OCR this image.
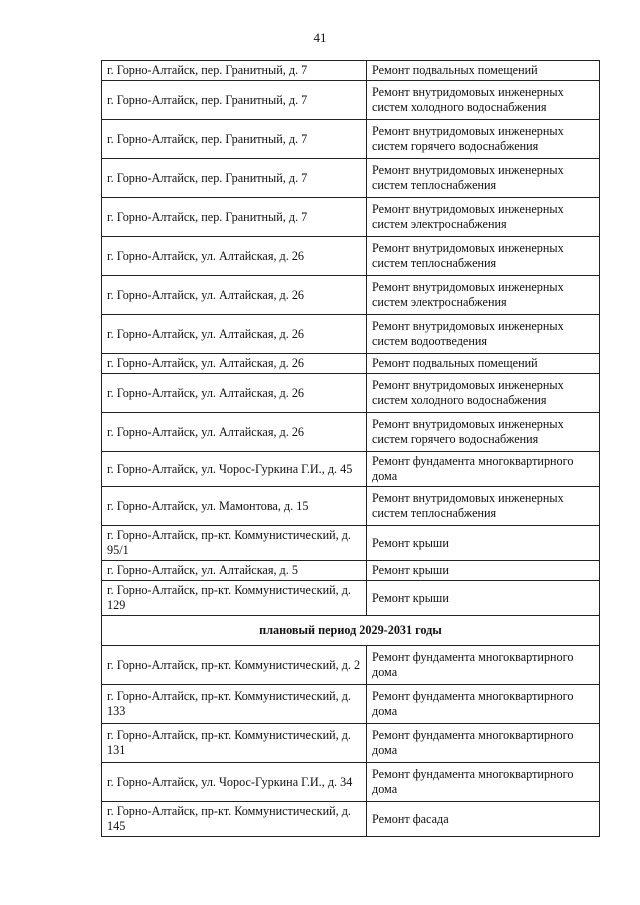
41
г. Горно-Алтайск, пер. Гранитный, д. 7	Ремонт подвальных помещений
г. Горно-Алтайск, пер. Гранитный, д. 7	Ремонт внутридомовых инженерных систем холодного водоснабжения
г. Горно-Алтайск, пер. Гранитный, д. 7	Ремонт внутридомовых инженерных систем горячего водоснабжения
г. Горно-Алтайск, пер. Гранитный, д. 7	Ремонт внутридомовых инженерных систем теплоснабжения
г. Горно-Алтайск, пер. Гранитный, д. 7	Ремонт внутридомовых инженерных систем электроснабжения
г. Горно-Алтайск, ул. Алтайская, д. 26	Ремонт внутридомовых инженерных систем теплоснабжения
г. Горно-Алтайск, ул. Алтайская, д. 26	Ремонт внутридомовых инженерных систем электроснабжения
г. Горно-Алтайск, ул. Алтайская, д. 26	Ремонт внутридомовых инженерных систем водоотведения
г. Горно-Алтайск, ул. Алтайская, д. 26	Ремонт подвальных помещений
г. Горно-Алтайск, ул. Алтайская, д. 26	Ремонт внутридомовых инженерных систем холодного водоснабжения
г. Горно-Алтайск, ул. Алтайская, д. 26	Ремонт внутридомовых инженерных систем горячего водоснабжения
г. Горно-Алтайск, ул. Чорос-Гуркина Г.И., д. 45	Ремонт фундамента многоквартирного дома
г. Горно-Алтайск, ул. Мамонтова, д. 15	Ремонт внутридомовых инженерных систем теплоснабжения
г. Горно-Алтайск, пр-кт. Коммунистический, д. 95/1	Ремонт крыши
г. Горно-Алтайск, ул. Алтайская, д. 5	Ремонт крыши
г. Горно-Алтайск, пр-кт. Коммунистический, д. 129	Ремонт крыши
плановый период 2029-2031 годы	
г. Горно-Алтайск, пр-кт. Коммунистический, д. 2	Ремонт фундамента многоквартирного дома
г. Горно-Алтайск, пр-кт. Коммунистический, д. 133	Ремонт фундамента многоквартирного дома
г. Горно-Алтайск, пр-кт. Коммунистический, д. 131	Ремонт фундамента многоквартирного дома
г. Горно-Алтайск, ул. Чорос-Гуркина Г.И., д. 34	Ремонт фундамента многоквартирного дома
г. Горно-Алтайск, пр-кт. Коммунистический, д. 145	Ремонт фасада
